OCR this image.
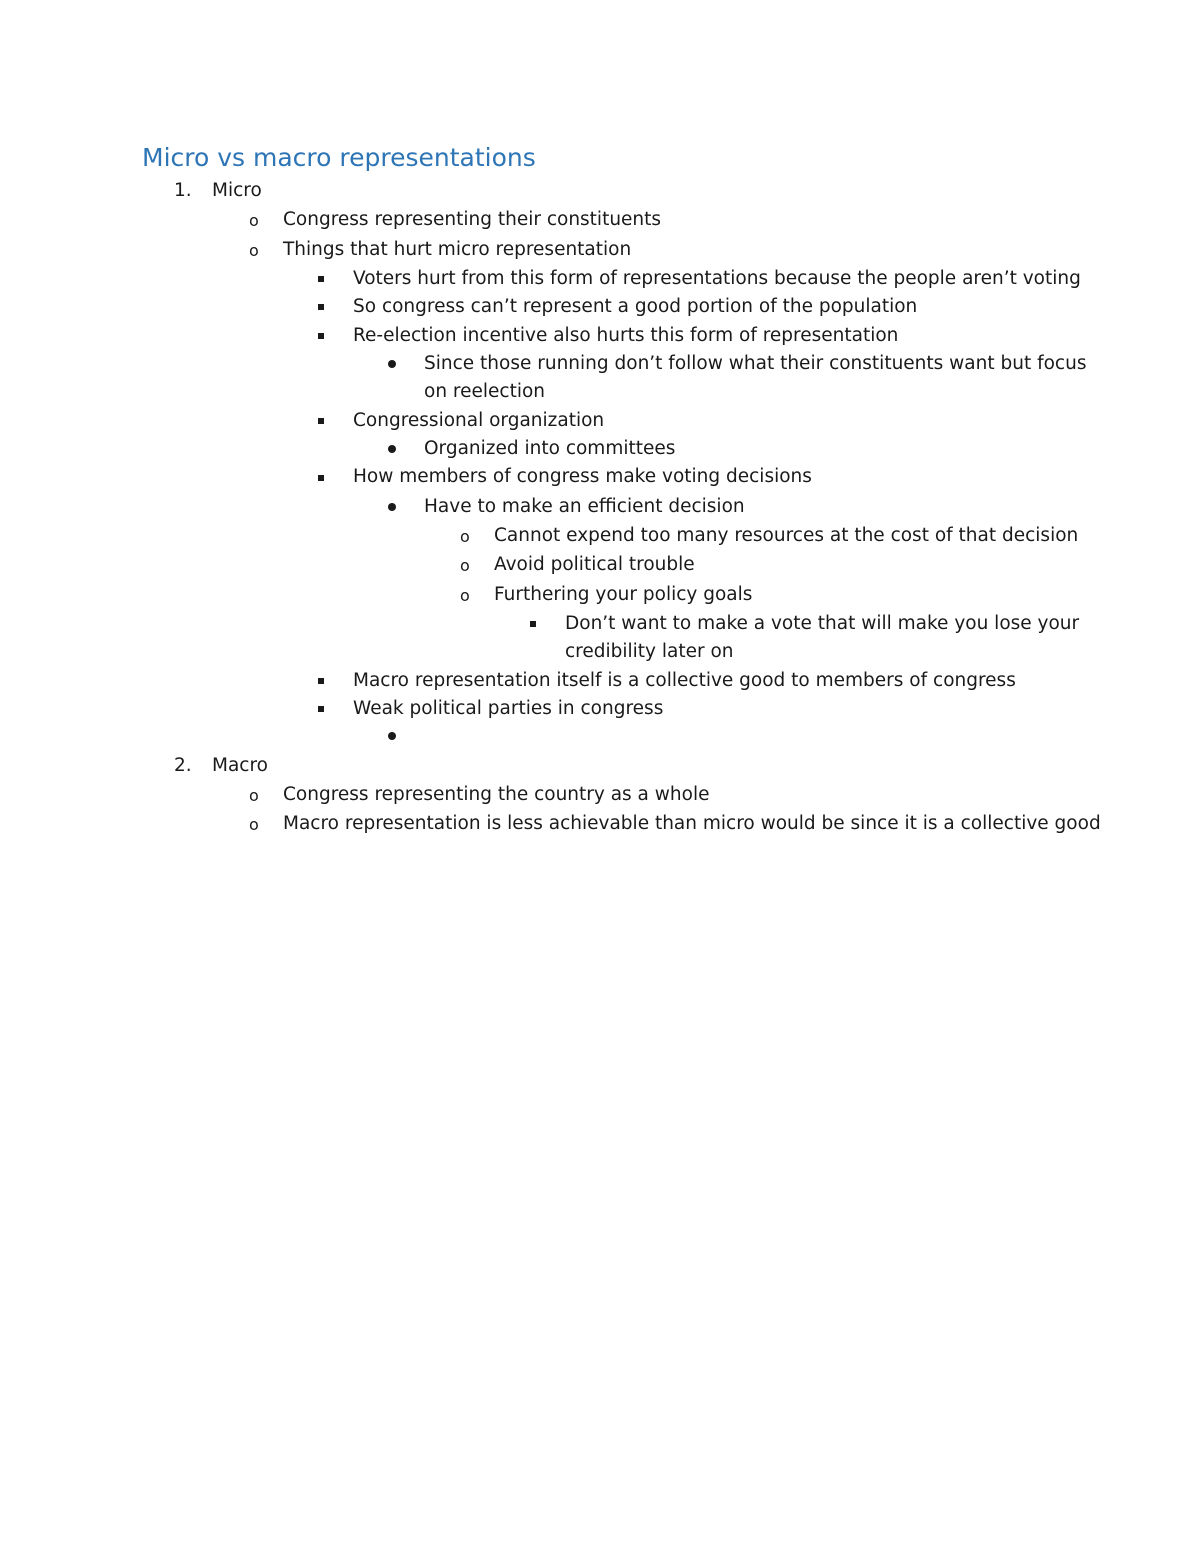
Micro vs macro representations
1. Micro
o Congress representing their constituents
o Things that hurt micro representation
Voters hurt from this form of representations because the people aren’t voting
So congress can’t represent a good portion of the population
Re-election incentive also hurts this form of representation
Since those running don’t follow what their constituents want but focus
on reelection
Congressional organization
Organized into committees
How members of congress make voting decisions
Have to make an efficient decision
o Cannot expend too many resources at the cost of that decision
o Avoid political trouble
o Furthering your policy goals
Don’t want to make a vote that will make you lose your
credibility later on
Macro representation itself is a collective good to members of congress
Weak political parties in congress
2. Macro
o Congress representing the country as a whole
o Macro representation is less achievable than micro would be since it is a collective good
